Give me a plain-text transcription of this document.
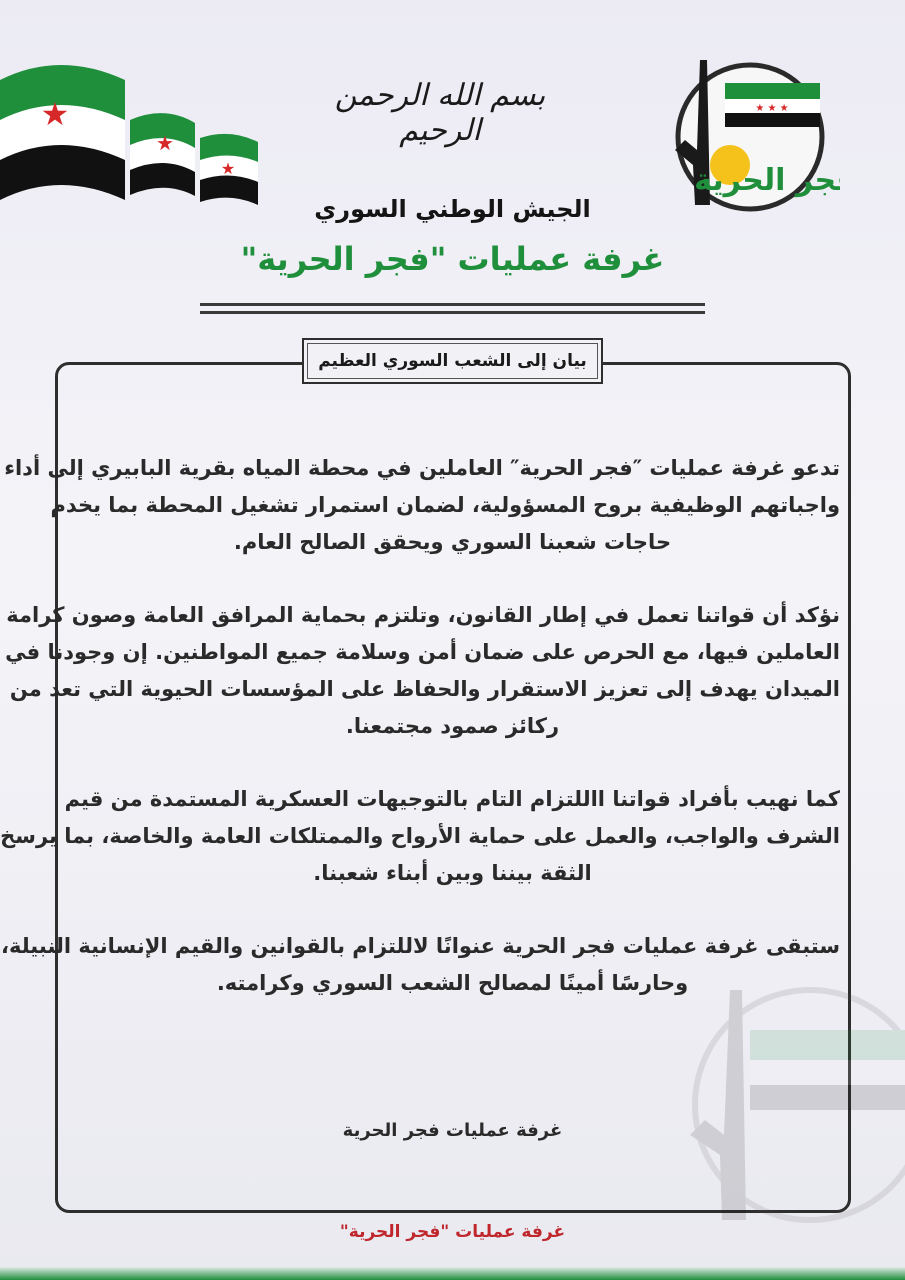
★
★
★
★ ★ ★
فجر الحرية
بسم الله الرحمن الرحيم
الجيش الوطني السوري
غرفة عمليات "فجر الحرية"
بيان إلى الشعب السوري العظيم
تدعو غرفة عمليات ″فجر الحرية″ العاملين في محطة المياه بقرية البابيري إلى أداء
واجباتهم الوظيفية بروح المسؤولية، لضمان استمرار تشغيل المحطة بما يخدم
حاجات شعبنا السوري ويحقق الصالح العام.
نؤكد أن قواتنا تعمل في إطار القانون، وتلتزم بحماية المرافق العامة وصون كرامة
العاملين فيها، مع الحرص على ضمان أمن وسلامة جميع المواطنين. إن وجودنا في
الميدان يهدف إلى تعزيز الاستقرار والحفاظ على المؤسسات الحيوية التي تعد من
ركائز صمود مجتمعنا.
كما نهيب بأفراد قواتنا االلتزام التام بالتوجيهات العسكرية المستمدة من قيم
الشرف والواجب، والعمل على حماية الأرواح والممتلكات العامة والخاصة، بما يرسخ
الثقة بيننا وبين أبناء شعبنا.
ستبقى غرفة عمليات فجر الحرية عنوانًا لاللتزام بالقوانين والقيم الإنسانية النبيلة،
وحارسًا أمينًا لمصالح الشعب السوري وكرامته.
غرفة عمليات فجر الحرية
غرفة عمليات "فجر الحرية"
